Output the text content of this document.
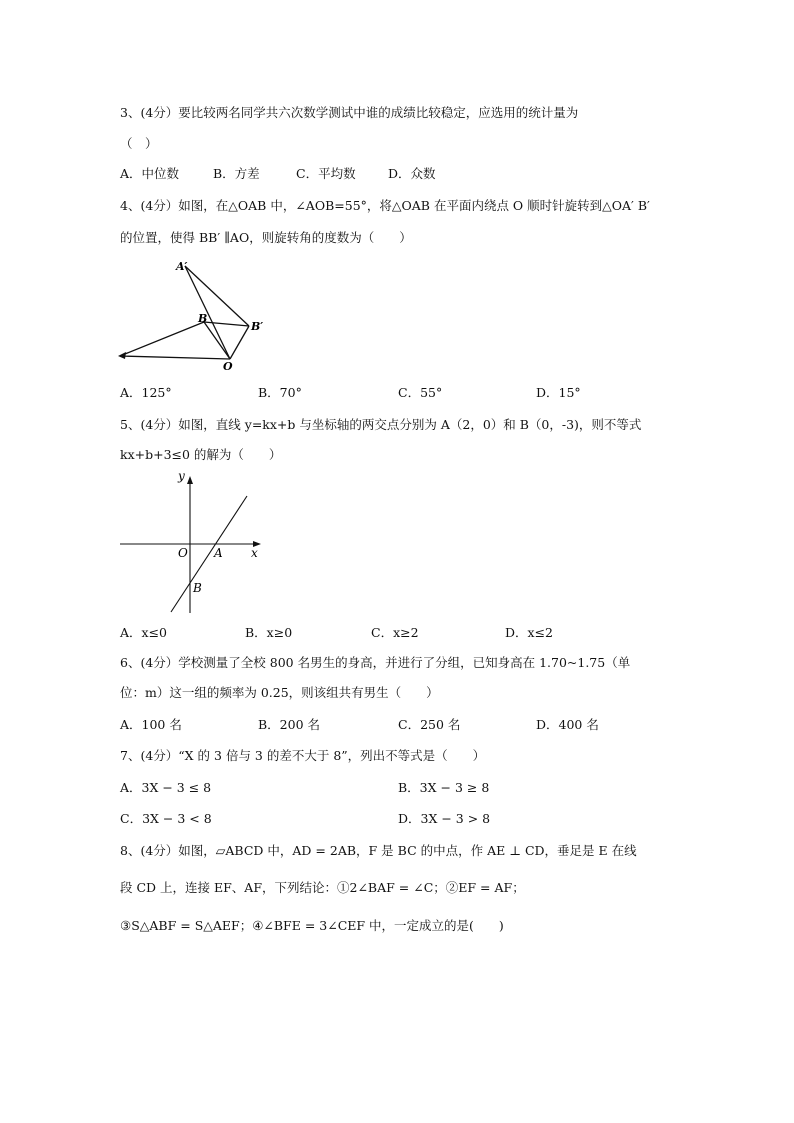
3、(4分）要比较两名同学共六次数学测试中谁的成绩比较稳定，应选用的统计量为
（　）
A．中位数	B．方差	C．平均数	D．众数
4、(4分）如图，在△OAB 中，∠AOB=55°，将△OAB 在平面内绕点 O 顺时针旋转到△OA′ B′
的位置，使得 BB′ ∥AO，则旋转角的度数为（　　）
A′
B
B′
O
A．125°	B．70°	C．55°	D．15°
5、(4分）如图，直线 y=kx+b 与坐标轴的两交点分别为 A（2，0）和 B（0，-3)，则不等式
kx+b+3≤0 的解为（　　）
y
x
O A
B
A．x≤0	B．x≥0	C．x≥2	D．x≤2
6、(4分）学校测量了全校 800 名男生的身高，并进行了分组，已知身高在 1.70~1.75（单
位：m）这一组的频率为 0.25，则该组共有男生（　　）
A．100 名	B．200 名	C．250 名	D．400 名
7、(4分）“X 的 3 倍与 3 的差不大于 8”，列出不等式是（　　）
A．3X − 3 ≤ 8	B．3X − 3 ≥ 8
C．3X − 3 < 8	D．3X − 3 > 8
8、(4分）如图，▱ABCD 中，AD = 2AB，F 是 BC 的中点，作 AE ⊥ CD，垂足是 E 在线
段 CD 上，连接 EF、AF，下列结论：①2∠BAF = ∠C；②EF = AF；
③S△ABF = S△AEF；④∠BFE = 3∠CEF 中，一定成立的是(　　)
